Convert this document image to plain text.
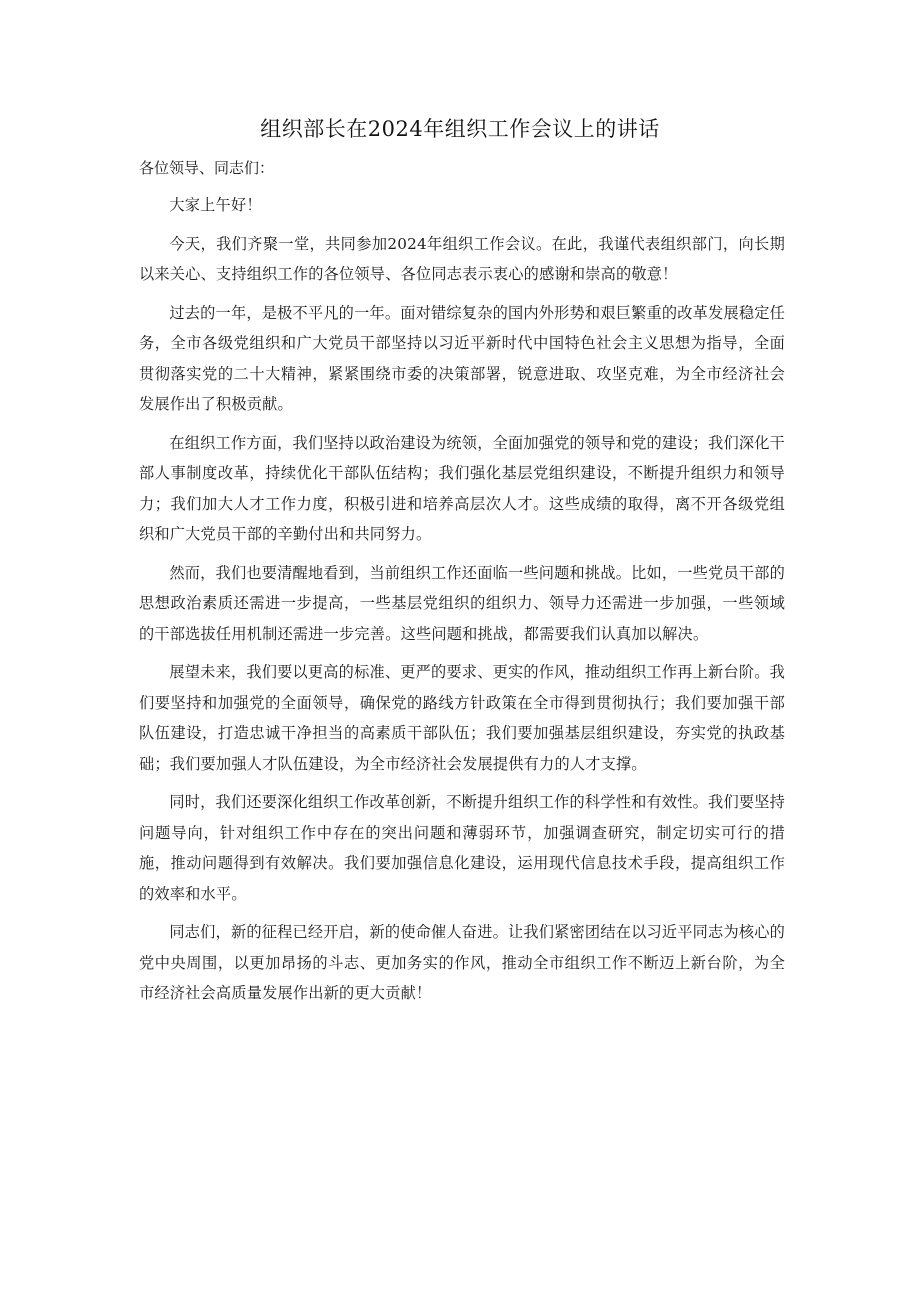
组织部长在2024年组织工作会议上的讲话

各位领导、同志们：

大家上午好！

今天，我们齐聚一堂，共同参加2024年组织工作会议。在此，我谨代表组织部门，向长期以来关心、支持组织工作的各位领导、各位同志表示衷心的感谢和崇高的敬意！

过去的一年，是极不平凡的一年。面对错综复杂的国内外形势和艰巨繁重的改革发展稳定任务，全市各级党组织和广大党员干部坚持以习近平新时代中国特色社会主义思想为指导，全面贯彻落实党的二十大精神，紧紧围绕市委的决策部署，锐意进取、攻坚克难，为全市经济社会发展作出了积极贡献。

在组织工作方面，我们坚持以政治建设为统领，全面加强党的领导和党的建设；我们深化干部人事制度改革，持续优化干部队伍结构；我们强化基层党组织建设，不断提升组织力和领导力；我们加大人才工作力度，积极引进和培养高层次人才。这些成绩的取得，离不开各级党组织和广大党员干部的辛勤付出和共同努力。

然而，我们也要清醒地看到，当前组织工作还面临一些问题和挑战。比如，一些党员干部的思想政治素质还需进一步提高，一些基层党组织的组织力、领导力还需进一步加强，一些领域的干部选拔任用机制还需进一步完善。这些问题和挑战，都需要我们认真加以解决。

展望未来，我们要以更高的标准、更严的要求、更实的作风，推动组织工作再上新台阶。我们要坚持和加强党的全面领导，确保党的路线方针政策在全市得到贯彻执行；我们要加强干部队伍建设，打造忠诚干净担当的高素质干部队伍；我们要加强基层组织建设，夯实党的执政基础；我们要加强人才队伍建设，为全市经济社会发展提供有力的人才支撑。

同时，我们还要深化组织工作改革创新，不断提升组织工作的科学性和有效性。我们要坚持问题导向，针对组织工作中存在的突出问题和薄弱环节，加强调查研究，制定切实可行的措施，推动问题得到有效解决。我们要加强信息化建设，运用现代信息技术手段，提高组织工作的效率和水平。

同志们，新的征程已经开启，新的使命催人奋进。让我们紧密团结在以习近平同志为核心的党中央周围，以更加昂扬的斗志、更加务实的作风，推动全市组织工作不断迈上新台阶，为全市经济社会高质量发展作出新的更大贡献！
